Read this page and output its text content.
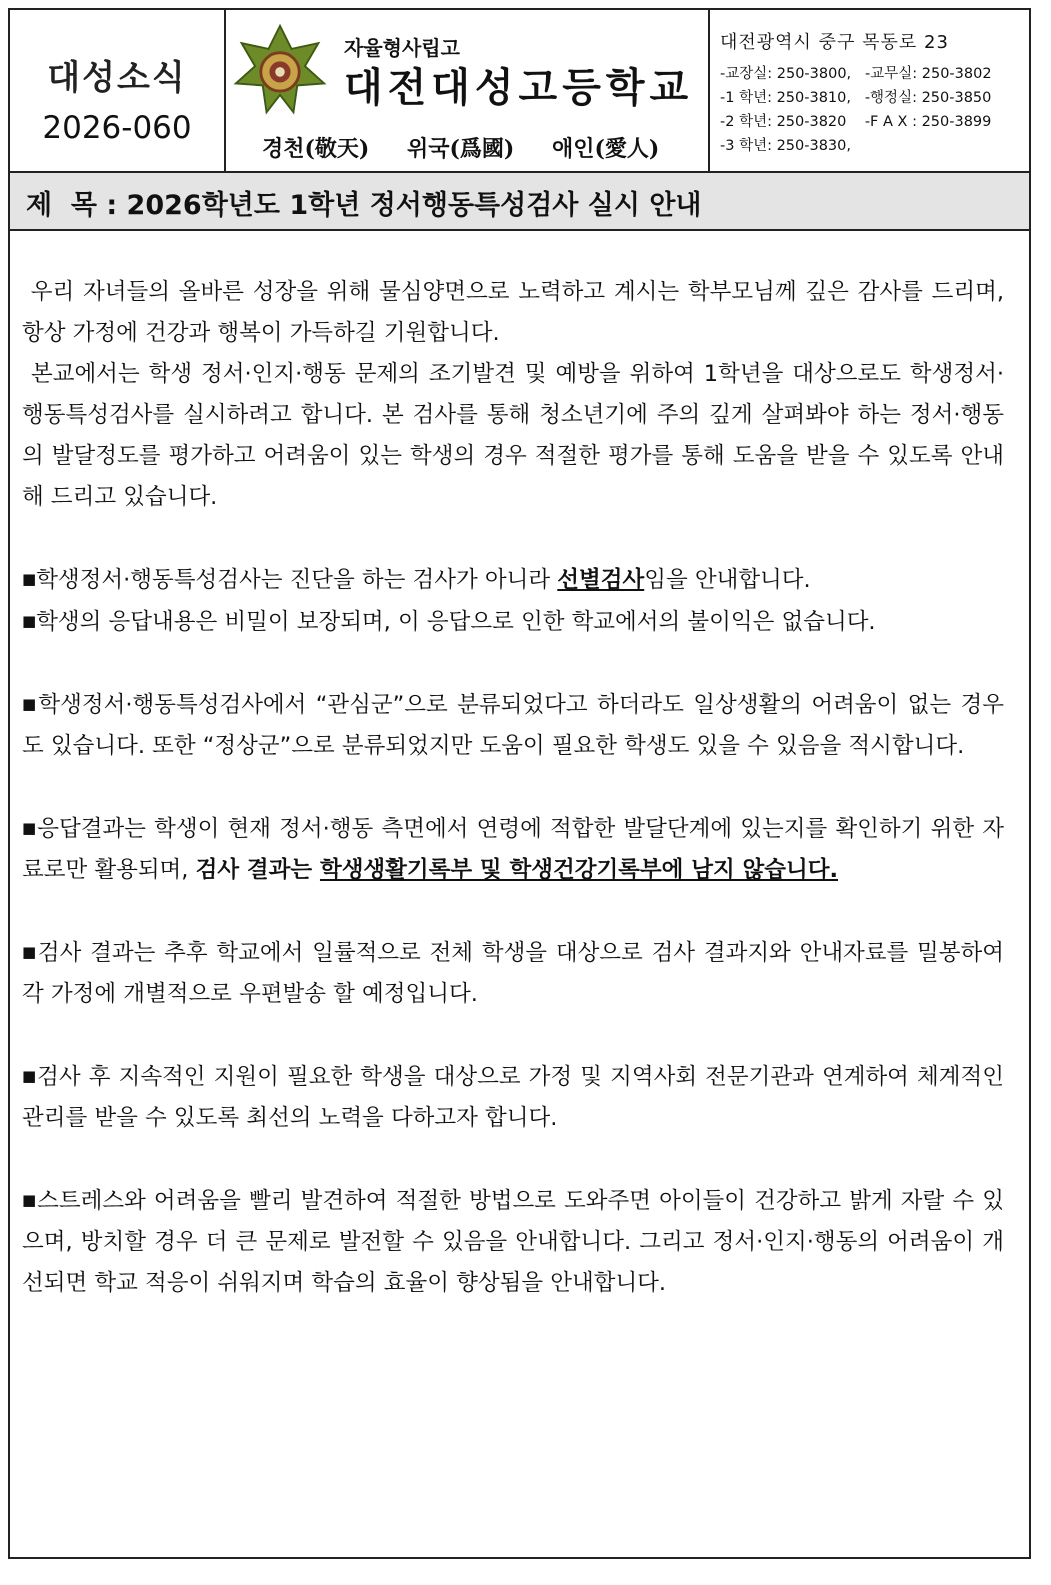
대성소식
2026-060
자율형사립고
대전대성고등학교
경천(敬天) 위국(爲國) 애인(愛人)
대전광역시 중구 목동로 23
-교장실: 250-3800,   -교무실: 250-3802
-1 학년: 250-3810,   -행정실: 250-3850
-2 학년: 250-3820    -F A X : 250-3899
-3 학년: 250-3830,
제  목 : 2026학년도 1학년 정서행동특성검사 실시 안내

우리 자녀들의 올바른 성장을 위해 물심양면으로 노력하고 계시는 학부모님께 깊은 감사를 드리며, 항상 가정에 건강과 행복이 가득하길 기원합니다.

본교에서는 학생 정서·인지·행동 문제의 조기발견 및 예방을 위하여 1학년을 대상으로도 학생정서·행동특성검사를 실시하려고 합니다. 본 검사를 통해 청소년기에 주의 깊게 살펴봐야 하는 정서·행동의 발달정도를 평가하고 어려움이 있는 학생의 경우 적절한 평가를 통해 도움을 받을 수 있도록 안내해 드리고 있습니다.

■학생정서·행동특성검사는 진단을 하는 검사가 아니라 선별검사임을 안내합니다.

■학생의 응답내용은 비밀이 보장되며, 이 응답으로 인한 학교에서의 불이익은 없습니다.

■학생정서·행동특성검사에서 “관심군”으로 분류되었다고 하더라도 일상생활의 어려움이 없는 경우도 있습니다. 또한 “정상군”으로 분류되었지만 도움이 필요한 학생도 있을 수 있음을 적시합니다.

■응답결과는 학생이 현재 정서·행동 측면에서 연령에 적합한 발달단계에 있는지를 확인하기 위한 자료로만 활용되며, 검사 결과는 학생생활기록부 및 학생건강기록부에 남지 않습니다.

■검사 결과는 추후 학교에서 일률적으로 전체 학생을 대상으로 검사 결과지와 안내자료를 밀봉하여 각 가정에 개별적으로 우편발송 할 예정입니다.

■검사 후 지속적인 지원이 필요한 학생을 대상으로 가정 및 지역사회 전문기관과 연계하여 체계적인 관리를 받을 수 있도록 최선의 노력을 다하고자 합니다.

■스트레스와 어려움을 빨리 발견하여 적절한 방법으로 도와주면 아이들이 건강하고 밝게 자랄 수 있으며, 방치할 경우 더 큰 문제로 발전할 수 있음을 안내합니다. 그리고 정서·인지·행동의 어려움이 개선되면 학교 적응이 쉬워지며 학습의 효율이 향상됨을 안내합니다.
